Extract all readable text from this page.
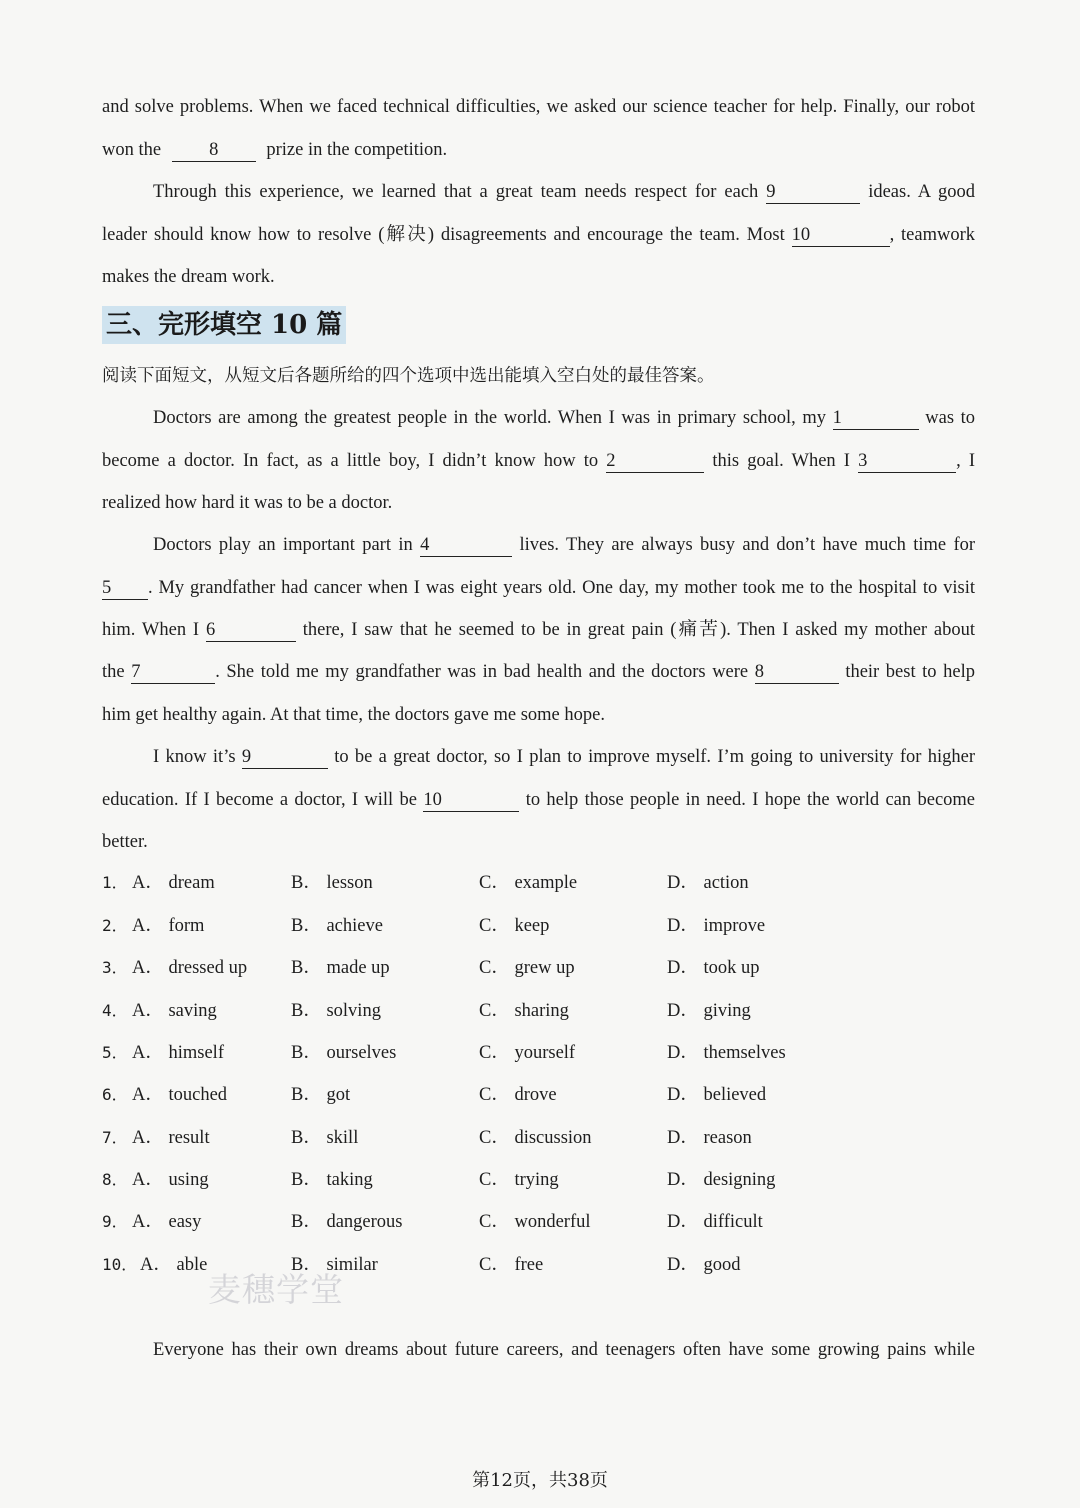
and solve problems. When we faced technical difficulties, we asked our science teacher for help. Finally, our robot
won the	8	prize in the competition.
Through this experience, we learned that a great team needs respect for each 9	ideas. A good
leader should know how to resolve (解决) disagreements and encourage the team. Most 10	, teamwork
makes the dream work.
三、完形填空 10 篇
阅读下面短文，从短文后各题所给的四个选项中选出能填入空白处的最佳答案。
Doctors are among the greatest people in the world. When I was in primary school, my 1	was to
become a doctor. In fact, as a little boy, I didn’t know how to 2	this goal. When I 3	, I
realized how hard it was to be a doctor.
Doctors play an important part in 4	lives. They are always busy and don’t have much time for
5 . My grandfather had cancer when I was eight years old. One day, my mother took me to the hospital to visit
him. When I 6	there, I saw that he seemed to be in great pain (痛苦). Then I asked my mother about
the 7	. She told me my grandfather was in bad health and the doctors were 8	their best to help
him get healthy again. At that time, the doctors gave me some hope.
I know it’s 9	to be a great doctor, so I plan to improve myself. I’m going to university for higher
education. If I become a doctor, I will be 10	to help those people in need. I hope the world can become
better.
1． A． dream	B． lesson	C． example	D． action
2． A． form	B． achieve	C． keep	D． improve
3． A． dressed up B． made up	C． grew up	D． took up
4． A． saving	B． solving	C． sharing	D． giving
5． A． himself	B． ourselves	C． yourself	D． themselves
6． A． touched	B． got	C． drove	D． believed
7． A． result	B． skill	C． discussion	D． reason
8． A． using	B． taking	C． trying	D． designing
9． A． easy	B． dangerous	C． wonderful	D． difficult
10． A． able	B． similar	C． free	D． good
麦穗学堂
Everyone has their own dreams about future careers, and teenagers often have some growing pains while
第12页，共38页
